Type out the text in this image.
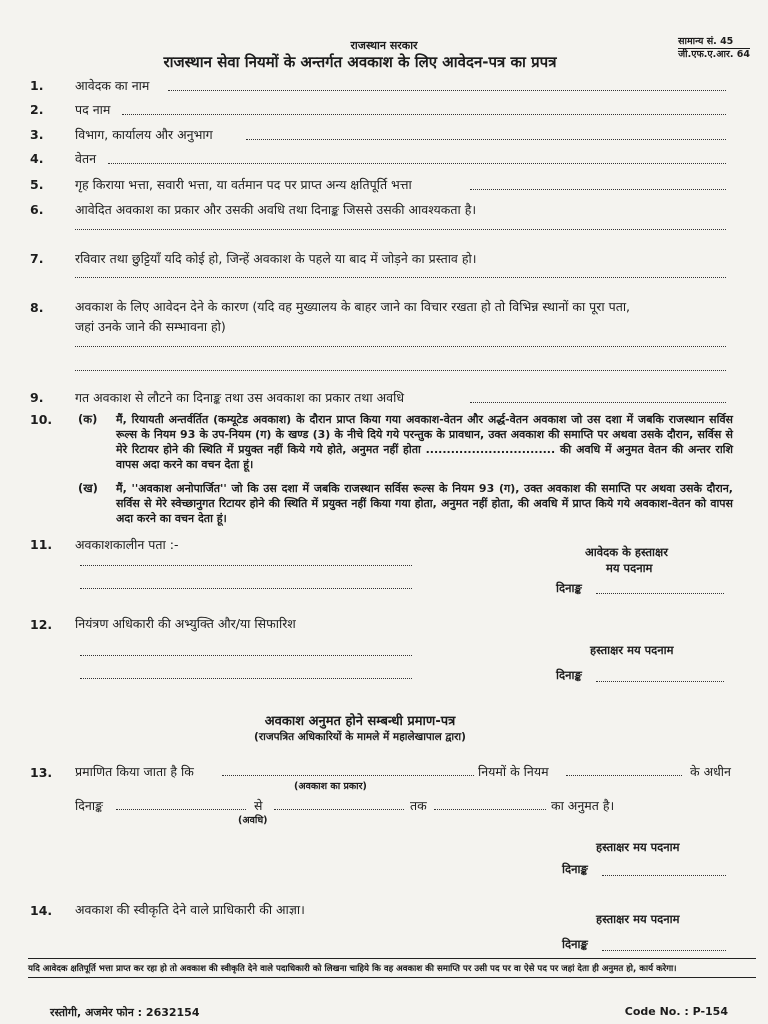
राजस्थान सरकार	सामान्य सं. 45
जी.एफ.ए.आर. 64
राजस्थान सेवा नियमों के अन्तर्गत अवकाश के लिए आवेदन-पत्र का प्रपत्र
1.	आवेदक का नाम
2.	पद नाम
3.	विभाग, कार्यालय और अनुभाग
4.	वेतन
5.	गृह किराया भत्ता, सवारी भत्ता, या वर्तमान पद पर प्राप्त अन्य क्षतिपूर्ति भत्ता
6.	आवेदित अवकाश का प्रकार और उसकी अवधि तथा दिनाङ्क जिससे उसकी आवश्यकता है।
7.	रविवार तथा छुट्टियाँ यदि कोई हो, जिन्हें अवकाश के पहले या बाद में जोड़ने का प्रस्ताव हो।
8.	अवकाश के लिए आवेदन देने के कारण (यदि वह मुख्यालय के बाहर जाने का विचार रखता हो तो विभिन्न स्थानों का पूरा पता,
जहां उनके जाने की सम्भावना हो)
9.	गत अवकाश से लौटने का दिनाङ्क तथा उस अवकाश का प्रकार तथा अवधि
10. (क) मैं, रियायती अन्तर्वर्तित (कम्यूटेड अवकाश) के दौरान प्राप्त किया गया अवकाश-वेतन और अर्द्ध-वेतन अवकाश जो उस दशा में जबकि राजस्थान सर्विस रूल्स के नियम 93 के उप-नियम (ग) के खण्ड (3) के नीचे दिये गये परन्तुक के प्रावधान, उक्त अवकाश की समाप्ति पर अथवा उसके दौरान, सर्विस से मेरे रिटायर होने की स्थिति में प्रयुक्त नहीं किये गये होते, अनुमत नहीं होता ............................... की अवधि में अनुमत वेतन की अन्तर राशि वापस अदा करने का वचन देता हूं।
(ख) मैं, ''अवकाश अनोपार्जित'' जो कि उस दशा में जबकि राजस्थान सर्विस रूल्स के नियम 93 (ग), उक्त अवकाश की समाप्ति पर अथवा उसके दौरान, सर्विस से मेरे स्वेच्छानुगत रिटायर होने की स्थिति में प्रयुक्त नहीं किया गया होता, अनुमत नहीं होता, की अवधि में प्राप्त किये गये अवकाश-वेतन को वापस अदा करने का वचन देता हूं।
11. अवकाशकालीन पता :-	आवेदक के हस्ताक्षर
मय पदनाम
दिनाङ्क
12. नियंत्रण अधिकारी की अभ्युक्ति और/या सिफारिश
हस्ताक्षर मय पदनाम
दिनाङ्क
अवकाश अनुमत होने सम्बन्धी प्रमाण-पत्र
(राजपत्रित अधिकारियों के मामले में महालेखापाल द्वारा)
13. प्रमाणित किया जाता है कि	नियमों के नियम	के अधीन
(अवकाश का प्रकार)
दिनाङ्क	से	तक	का अनुमत है।
(अवधि)
हस्ताक्षर मय पदनाम
दिनाङ्क
14. अवकाश की स्वीकृति देने वाले प्राधिकारी की आज्ञा।
हस्ताक्षर मय पदनाम
दिनाङ्क
यदि आवेदक क्षतिपूर्ति भत्ता प्राप्त कर रहा हो तो अवकाश की स्वीकृति देने वाले पदाधिकारी को लिखना चाहिये कि वह अवकाश की समाप्ति पर उसी पद पर वा ऐसे पद पर जहां देता ही अनुमत हो, कार्य करेगा।
रस्तोगी, अजमेर फोन : 2632154	Code No. : P-154
